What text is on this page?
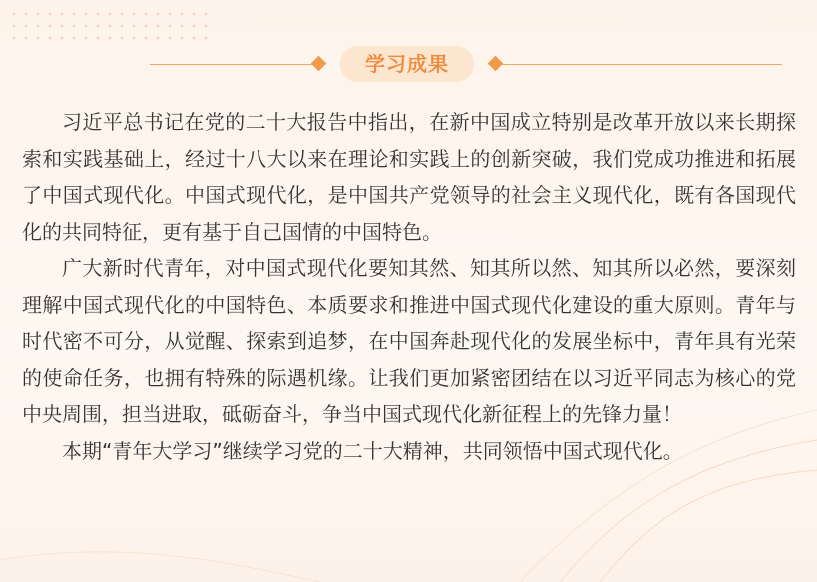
学习成果

习近平总书记在党的二十大报告中指出，在新中国成立特别是改革开放以来长期探索和实践基础上，经过十八大以来在理论和实践上的创新突破，我们党成功推进和拓展了中国式现代化。中国式现代化，是中国共产党领导的社会主义现代化，既有各国现代化的共同特征，更有基于自己国情的中国特色。

广大新时代青年，对中国式现代化要知其然、知其所以然、知其所以必然，要深刻理解中国式现代化的中国特色、本质要求和推进中国式现代化建设的重大原则。青年与时代密不可分，从觉醒、探索到追梦，在中国奔赴现代化的发展坐标中，青年具有光荣的使命任务，也拥有特殊的际遇机缘。让我们更加紧密团结在以习近平同志为核心的党中央周围，担当进取，砥砺奋斗，争当中国式现代化新征程上的先锋力量！

本期“青年大学习”继续学习党的二十大精神，共同领悟中国式现代化。
